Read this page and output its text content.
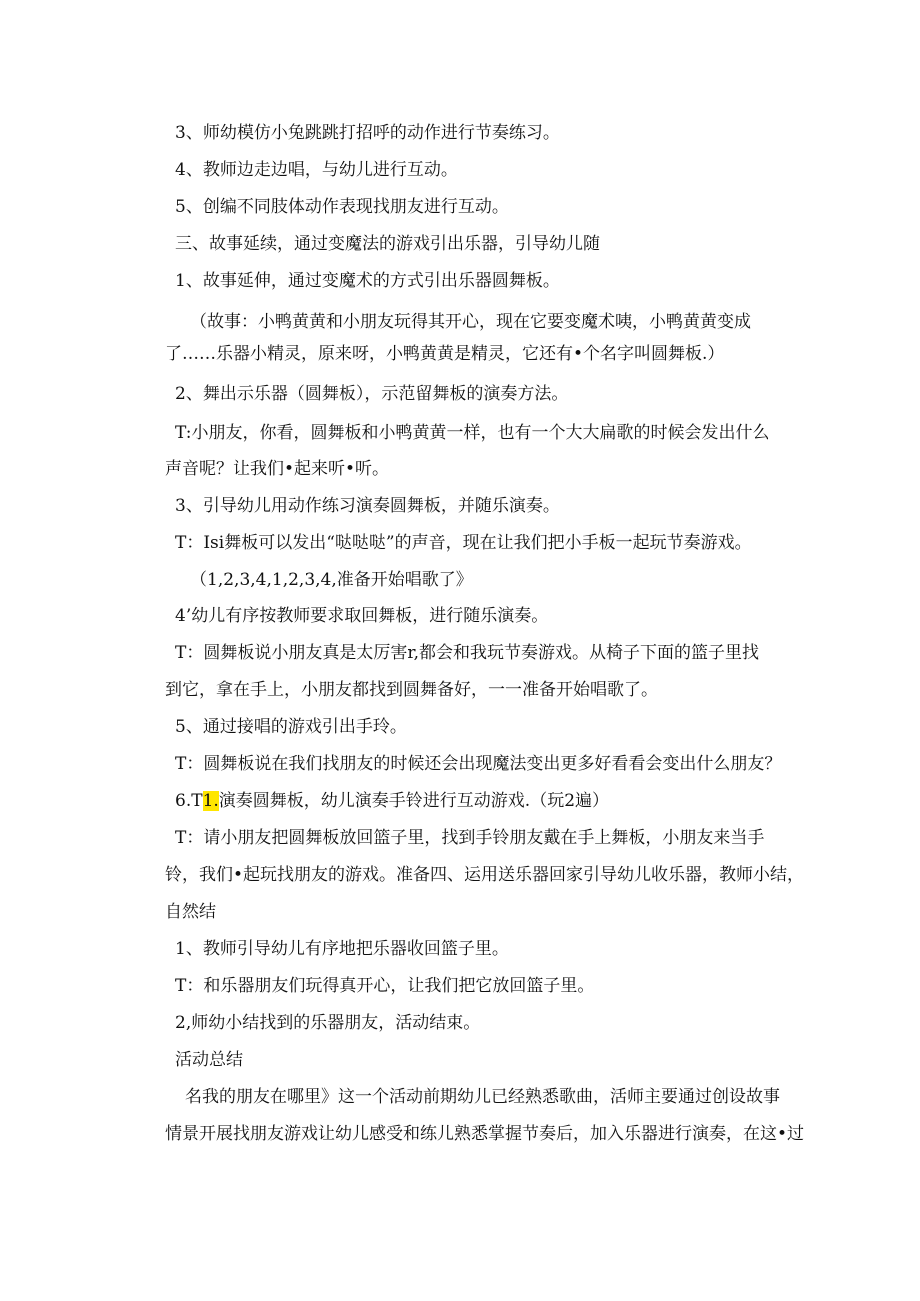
3、师幼模仿小兔跳跳打招呼的动作进行节奏练习。
4、教师边走边唱，与幼儿进行互动。
5、创编不同肢体动作表现找朋友进行互动。
三、故事延续，通过变魔法的游戏引出乐器，引导幼儿随
1、故事延伸，通过变魔术的方式引出乐器圆舞板。
（故事：小鸭黄黄和小朋友玩得其开心，现在它要变魔术咦，小鸭黄黄变成
了……乐器小精灵，原来呀，小鸭黄黄是精灵，它还有•个名字叫圆舞板.）
2、舞出示乐器（圆舞板），示范留舞板的演奏方法。
T:小朋友，你看，圆舞板和小鸭黄黄一样，也有一个大大扁歌的时候会发出什么
声音呢？让我们•起来听•听。
3、引导幼儿用动作练习演奏圆舞板，并随乐演奏。
T：Isi舞板可以发出“哒哒哒”的声音，现在让我们把小手板一起玩节奏游戏。
（1,2,3,4,1,2,3,4,准备开始唱歌了》
4’幼儿有序按教师要求取回舞板，进行随乐演奏。
T：圆舞板说小朋友真是太厉害r,都会和我玩节奏游戏。从椅子下面的篮子里找
到它，拿在手上，小朋友都找到圆舞备好，一一准备开始唱歌了。
5、通过接唱的游戏引出手玲。
T：圆舞板说在我们找朋友的时候还会出现魔法变出更多好看看会变出什么朋友？
6.T1.演奏圆舞板，幼儿演奏手铃进行互动游戏.（玩2遍）
T：请小朋友把圆舞板放回篮子里，找到手铃朋友戴在手上舞板，小朋友来当手
铃，我们•起玩找朋友的游戏。准备四、运用送乐器回家引导幼儿收乐器，教师小结，
自然结
1、教师引导幼儿有序地把乐器收回篮子里。
T：和乐器朋友们玩得真开心，让我们把它放回篮子里。
2,师幼小结找到的乐器朋友，活动结束。
活动总结
名我的朋友在哪里》这一个活动前期幼儿已经熟悉歌曲，活师主要通过创设故事
情景开展找朋友游戏让幼儿感受和练儿熟悉掌握节奏后，加入乐器进行演奏，在这•过
